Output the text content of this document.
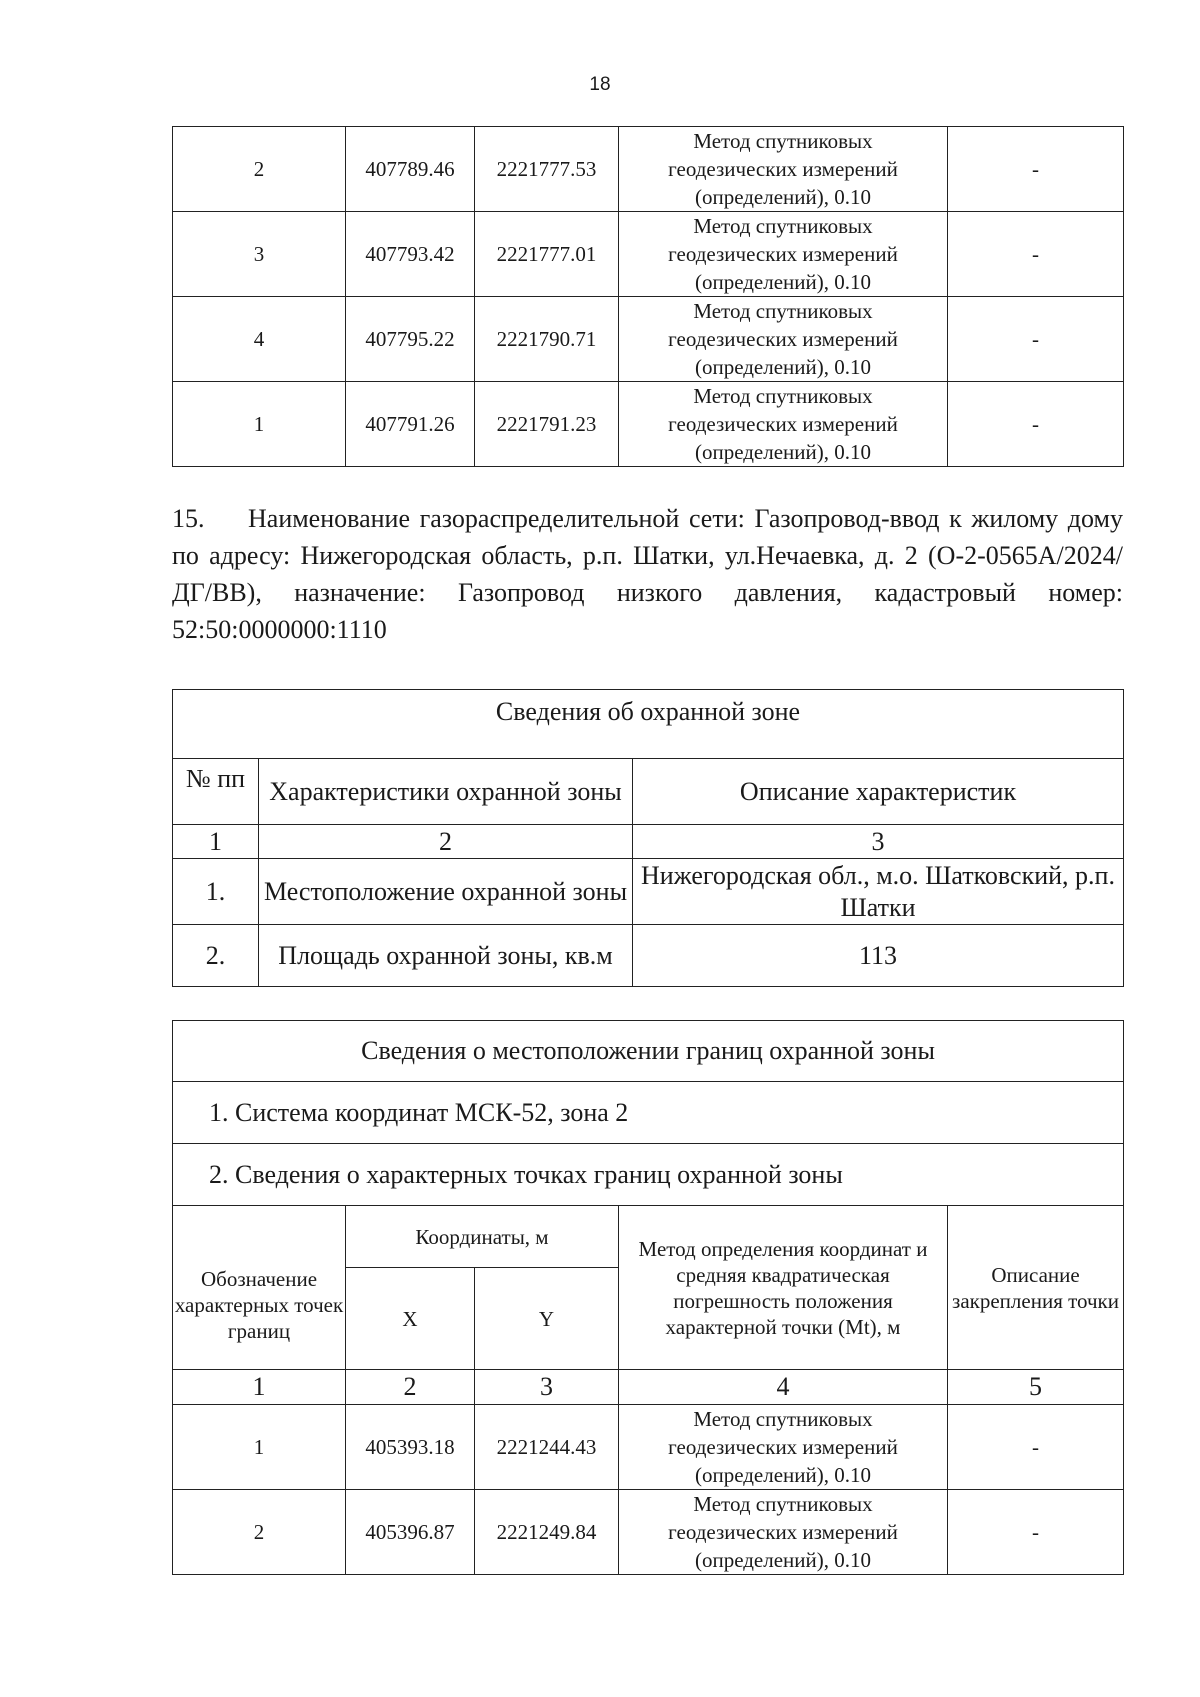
18
2	407789.46	2221777.53	Метод спутниковых
геодезических измерений
(определений), 0.10	-
3	407793.42	2221777.01	Метод спутниковых
геодезических измерений
(определений), 0.10	-
4	407795.22	2221790.71	Метод спутниковых
геодезических измерений
(определений), 0.10	-
1	407791.26	2221791.23	Метод спутниковых
геодезических измерений
(определений), 0.10	-
15. Наименование газораспределительной сети: Газопровод-ввод к жилому дому по адресу: Нижегородская область, р.п. Шатки, ул.Нечаевка, д. 2 (О-2-0565А/2024/ДГ/ВВ), назначение: Газопровод низкого давления, кадастровый номер: 52:50:0000000:1110
Сведения об охранной зоне		
№ пп	Характеристики охранной зоны	Описание характеристик
1	2	3
1.	Местоположение охранной зоны	Нижегородская обл., м.о. Шатковский, р.п. Шатки
2.	Площадь охранной зоны, кв.м	113
Сведения о местоположении границ охранной зоны				
1. Система координат МСК-52, зона 2				
2. Сведения о характерных точках границ охранной зоны				
Обозначение характерных точек границ	Координаты, м		Метод определения координат и средняя квадратическая погрешность положения характерной точки (Mt), м	Описание закрепления точки
	X	Y		
1	2	3	4	5
1	405393.18	2221244.43	Метод спутниковых
геодезических измерений
(определений), 0.10	-
2	405396.87	2221249.84	Метод спутниковых
геодезических измерений
(определений), 0.10	-
